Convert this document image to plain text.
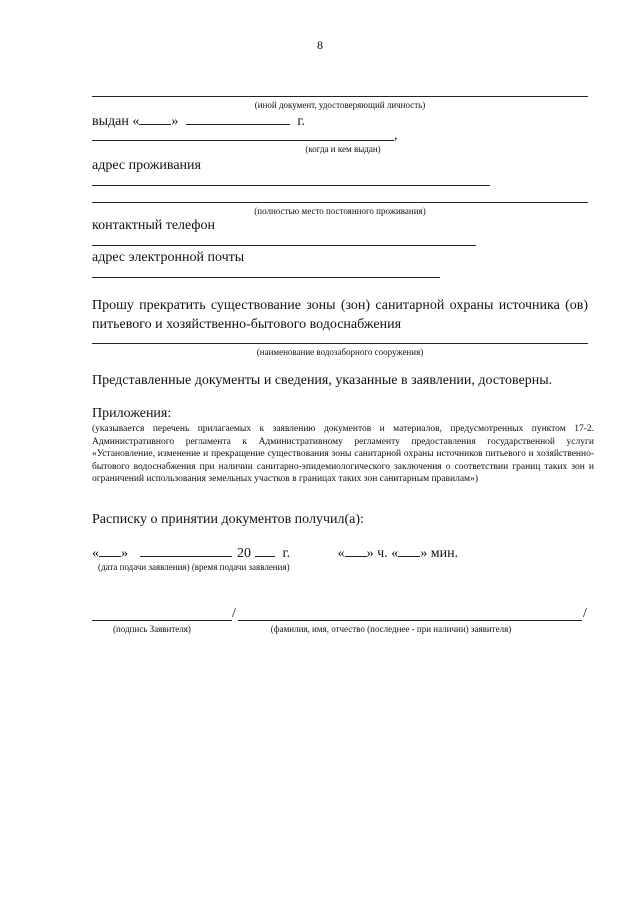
8
(иной документ, удостоверяющий личность)
выдан « »	г.
,
(когда и кем выдан)
адрес проживания
(полностью место постоянного проживания)
контактный телефон
адрес электронной почты
Прошу прекратить существование зоны (зон) санитарной охраны источника (ов) питьевого и хозяйственно-бытового водоснабжения
(наименование водозаборного сооружения)
Представленные документы и сведения, указанные в заявлении, достоверны.
Приложения:
(указывается перечень прилагаемых к заявлению документов и материалов, предусмотренных пунктом 17-2. Административного регламента к Административному регламенту предоставления государственной услуги «Установление, изменение и прекращение существования зоны санитарной охраны источников питьевого и хозяйственно-бытового водоснабжения при наличии санитарно-эпидемиологического заключения о соответствии границ таких зон и ограничений использования земельных участков в границах таких зон санитарным правилам»)
Расписку о принятии документов получил(а):
« »	20 г.	« » ч. « » мин.
(дата подачи заявления) (время подачи заявления)
/	/
(подпись Заявителя)	(фамилия, имя, отчество (последнее - при наличии) заявителя)
